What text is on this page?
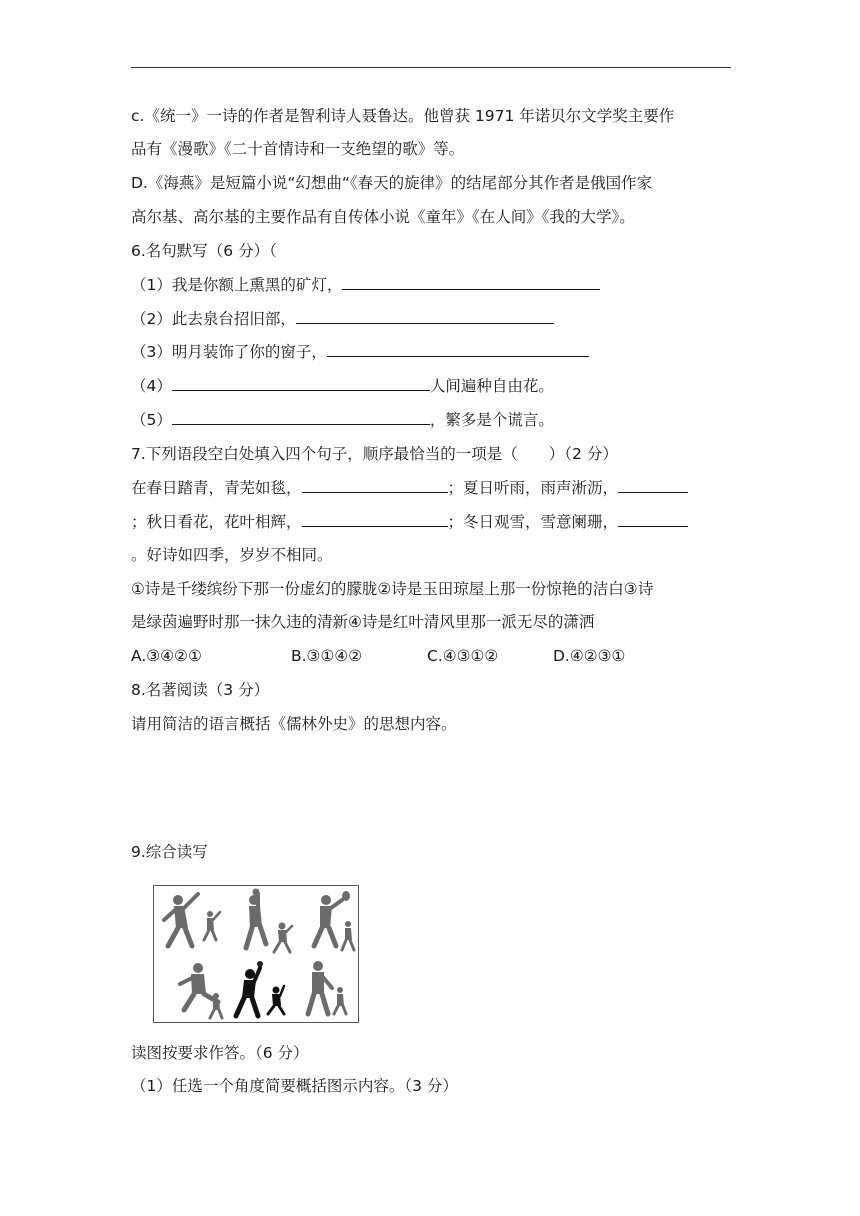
c.《统一》一诗的作者是智利诗人聂鲁达。他曾获 1971 年诺贝尔文学奖主要作
品有《漫歌》《二十首情诗和一支绝望的歌》等。
D.《海燕》是短篇小说“幻想曲“《春天的旋律》的结尾部分其作者是俄国作家
高尔基、高尔基的主要作品有自传体小说《童年》《在人间》《我的大学》。
6.名句默写（6 分）（
（1）我是你额上熏黑的矿灯，
（2）此去泉台招旧部，
（3）明月装饰了你的窗子，
（4）	人间遍种自由花。
（5）	，繁多是个谎言。
7.下列语段空白处填入四个句子，顺序最恰当的一项是（　　）（2 分）
在春日踏青，青芜如毯，	；夏日听雨，雨声淅沥，
；秋日看花，花叶相辉，	；冬日观雪，雪意阑珊，
。好诗如四季，岁岁不相同。
①诗是千缕缤纷下那一份虚幻的朦胧②诗是玉田琼屋上那一份惊艳的洁白③诗
是绿茵遍野时那一抹久违的清新④诗是红叶清风里那一派无尽的潇洒
A.③④②①	B.③①④②	C.④③①②	D.④②③①
8.名著阅读（3 分）
请用简洁的语言概括《儒林外史》的思想内容。
9.综合读写
读图按要求作答。（6 分）
（1）任选一个角度简要概括图示内容。（3 分）
